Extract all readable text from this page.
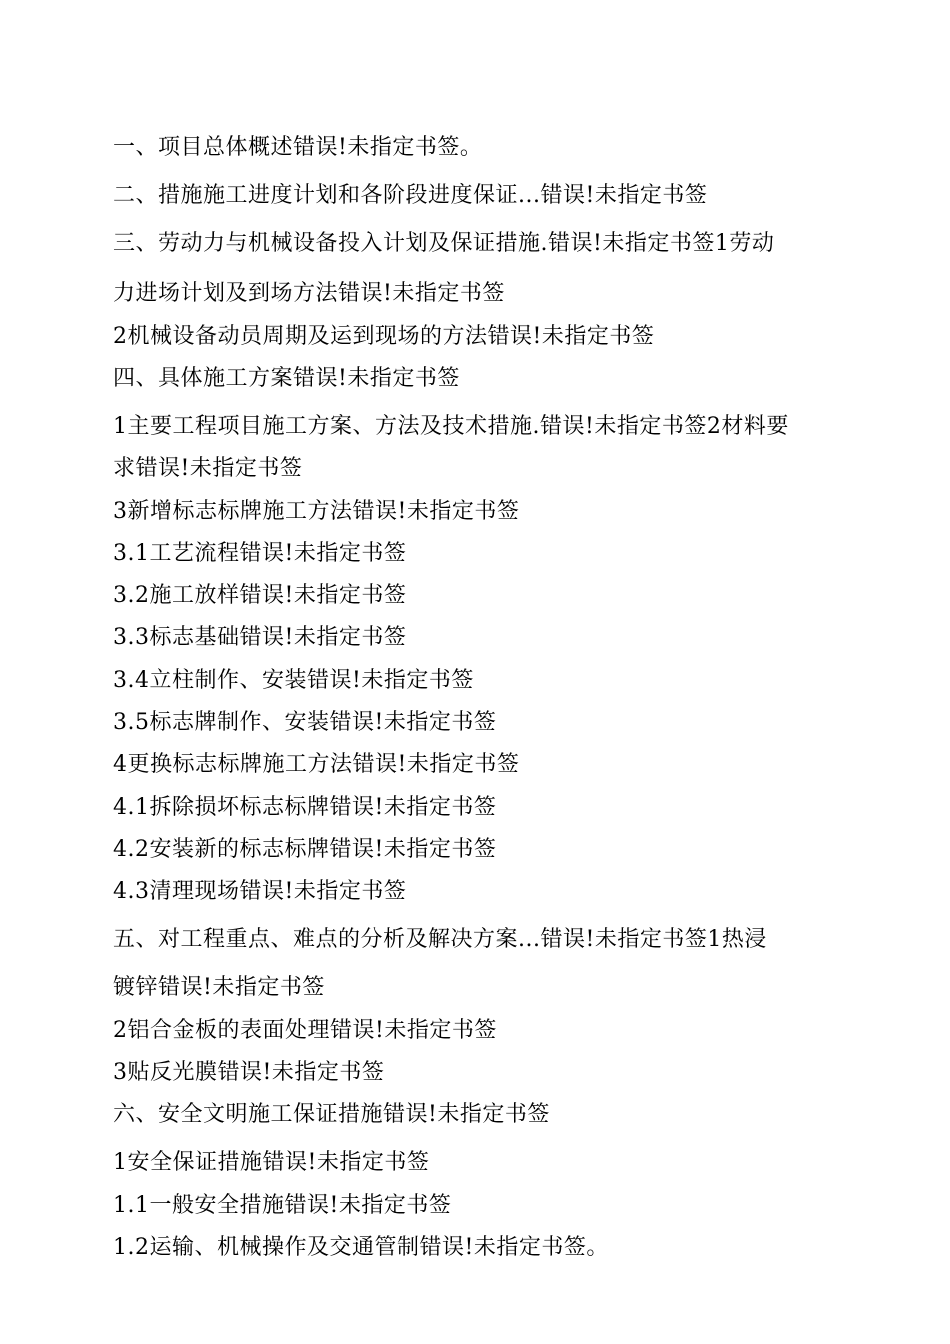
一、项目总体概述错误!未指定书签。
二、措施施工进度计划和各阶段进度保证...错误!未指定书签
三、劳动力与机械设备投入计划及保证措施.错误!未指定书签1劳动
力进场计划及到场方法错误!未指定书签
2机械设备动员周期及运到现场的方法错误!未指定书签
四、具体施工方案错误!未指定书签
1主要工程项目施工方案、方法及技术措施.错误!未指定书签2材料要
求错误!未指定书签
3新增标志标牌施工方法错误!未指定书签
3.1工艺流程错误!未指定书签
3.2施工放样错误!未指定书签
3.3标志基础错误!未指定书签
3.4立柱制作、安装错误!未指定书签
3.5标志牌制作、安装错误!未指定书签
4更换标志标牌施工方法错误!未指定书签
4.1拆除损坏标志标牌错误!未指定书签
4.2安装新的标志标牌错误!未指定书签
4.3清理现场错误!未指定书签
五、对工程重点、难点的分析及解决方案...错误!未指定书签1热浸
镀锌错误!未指定书签
2铝合金板的表面处理错误!未指定书签
3贴反光膜错误!未指定书签
六、安全文明施工保证措施错误!未指定书签
1安全保证措施错误!未指定书签
1.1一般安全措施错误!未指定书签
1.2运输、机械操作及交通管制错误!未指定书签。
